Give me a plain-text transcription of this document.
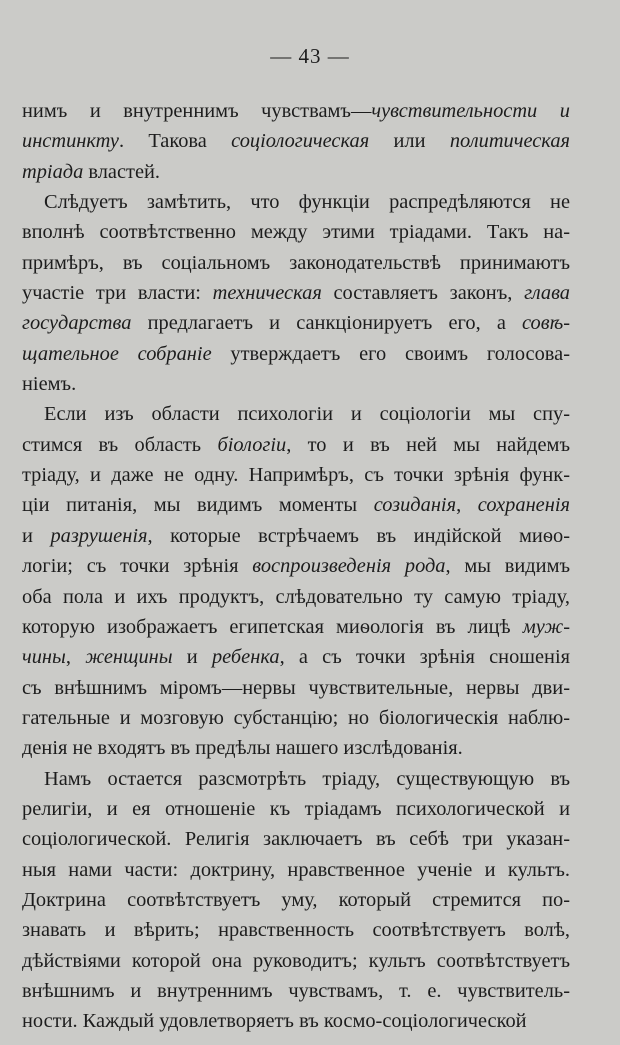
— 43 —
нимъ и внутреннимъ чувствамъ—чувствительности и
инстинкту. Такова соціологическая или политическая
тріада властей.
Слѣдуетъ замѣтить, что функціи распредѣляются не
вполнѣ соотвѣтственно между этими тріадами. Такъ на-
примѣръ, въ соціальномъ законодательствѣ принимаютъ
участіе три власти: техническая составляетъ законъ, глава
государства предлагаетъ и санкціонируетъ его, а совѣ-
щательное собраніе утверждаетъ его своимъ голосова-
ніемъ.
Если изъ области психологіи и соціологіи мы спу-
стимся въ область біологіи, то и въ ней мы найдемъ
тріаду, и даже не одну. Напримѣръ, съ точки зрѣнія функ-
ціи питанія, мы видимъ моменты созиданія, сохраненія
и разрушенія, которые встрѣчаемъ въ индійской миѳо-
логіи; съ точки зрѣнія воспроизведенія рода, мы видимъ
оба пола и ихъ продуктъ, слѣдовательно ту самую тріаду,
которую изображаетъ египетская миѳологія въ лицѣ муж-
чины, женщины и ребенка, а съ точки зрѣнія сношенія
съ внѣшнимъ міромъ—нервы чувствительные, нервы дви-
гательные и мозговую субстанцію; но біологическія наблю-
денія не входятъ въ предѣлы нашего изслѣдованія.
Намъ остается разсмотрѣть тріаду, существующую въ
религіи, и ея отношеніе къ тріадамъ психологической и
соціологической. Религія заключаетъ въ себѣ три указан-
ныя нами части: доктрину, нравственное ученіе и культъ.
Доктрина соотвѣтствуетъ уму, который стремится по-
знавать и вѣрить; нравственность соотвѣтствуетъ волѣ,
дѣйствіями которой она руководитъ; культъ соотвѣтствуетъ
внѣшнимъ и внутреннимъ чувствамъ, т. е. чувствитель-
ности. Каждый удовлетворяетъ въ космо-соціологической
